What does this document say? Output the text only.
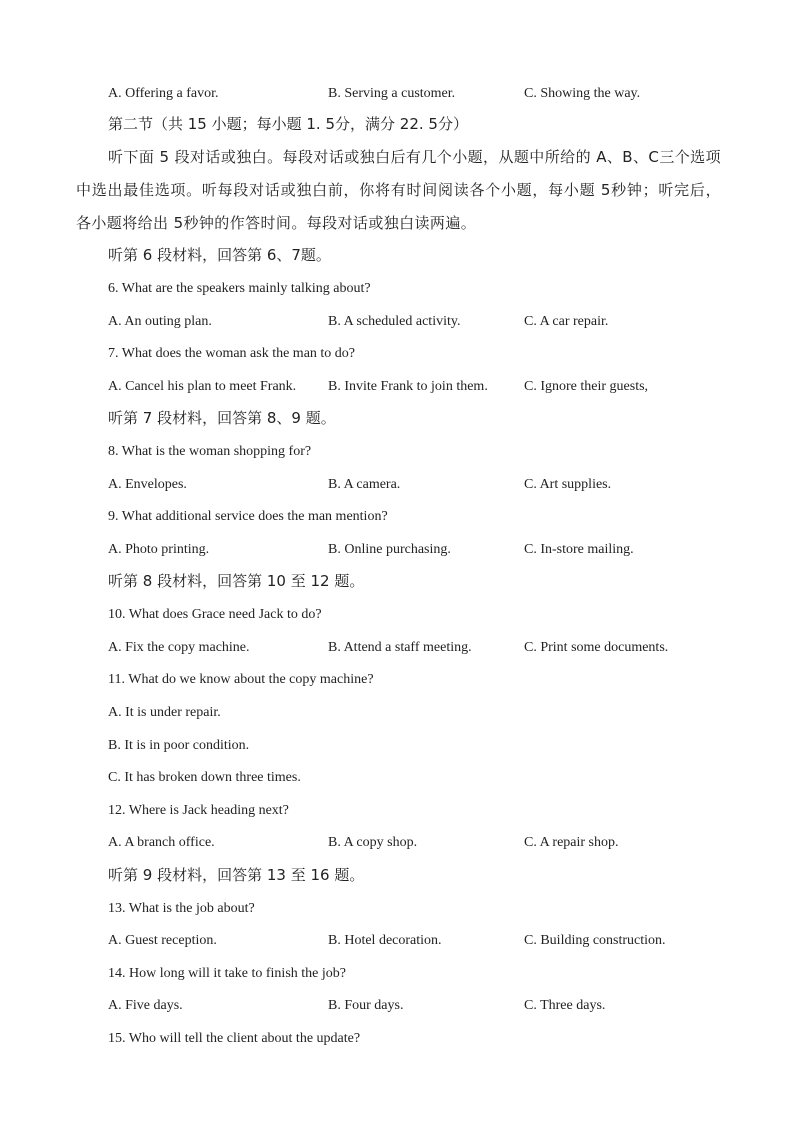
A. Offering a favor.	B. Serving a customer.	C. Showing the way.
第二节（共 15 小题；每小题 1. 5分，满分 22. 5分）
听下面 5 段对话或独白。每段对话或独白后有几个小题，从题中所给的 A、B、C三个选项中选出最佳选项。听每段对话或独白前，你将有时间阅读各个小题，每小题 5秒钟；听完后，各小题将给出 5秒钟的作答时间。每段对话或独白读两遍。
听第 6 段材料，回答第 6、7题。
6. What are the speakers mainly talking about?
A. An outing plan.	B. A scheduled activity.	C. A car repair.
7. What does the woman ask the man to do?
A. Cancel his plan to meet Frank. B. Invite Frank to join them.	C. Ignore their guests,
听第 7 段材料，回答第 8、9 题。
8. What is the woman shopping for?
A. Envelopes.	B. A camera.	C. Art supplies.
9. What additional service does the man mention?
A. Photo printing.	B. Online purchasing.	C. In-store mailing.
听第 8 段材料，回答第 10 至 12 题。
10. What does Grace need Jack to do?
A. Fix the copy machine.	B. Attend a staff meeting.	C. Print some documents.
11. What do we know about the copy machine?
A. It is under repair.
B. It is in poor condition.
C. It has broken down three times.
12. Where is Jack heading next?
A. A branch office.	B. A copy shop.	C. A repair shop.
听第 9 段材料，回答第 13 至 16 题。
13. What is the job about?
A. Guest reception.	B. Hotel decoration.	C. Building construction.
14. How long will it take to finish the job?
A. Five days.	B. Four days.	C. Three days.
15. Who will tell the client about the update?
